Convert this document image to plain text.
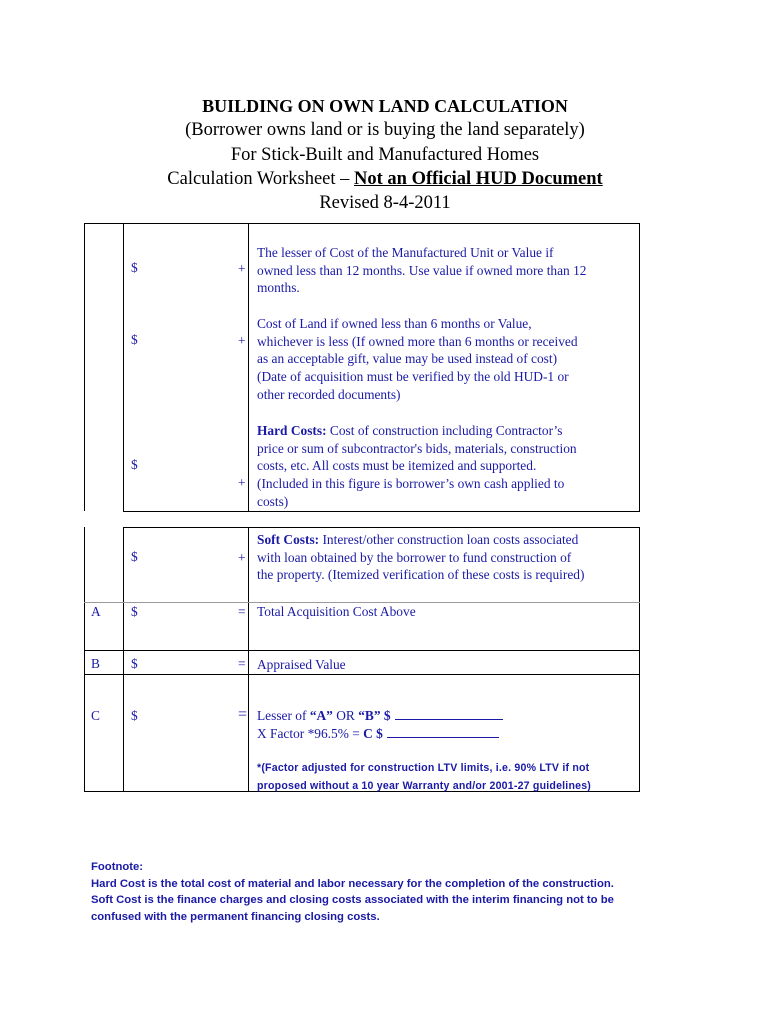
BUILDING ON OWN LAND CALCULATION
(Borrower owns land or is buying the land separately)
For Stick-Built and Manufactured Homes
Calculation Worksheet – Not an Official HUD Document
Revised 8-4-2011
$	+
The lesser of Cost of the Manufactured Unit or Value if
owned less than 12 months. Use value if owned more than 12
months.
$	+
Cost of Land if owned less than 6 months or Value,
whichever is less (If owned more than 6 months or received
as an acceptable gift, value may be used instead of cost)
(Date of acquisition must be verified by the old HUD-1 or
other recorded documents)
$
+
Hard Costs: Cost of construction including Contractor’s
price or sum of subcontractor's bids, materials, construction
costs, etc. All costs must be itemized and supported.
(Included in this figure is borrower’s own cash applied to
costs)
$	+
Soft Costs: Interest/other construction loan costs associated
with loan obtained by the borrower to fund construction of
the property. (Itemized verification of these costs is required)
A $	= Total Acquisition Cost Above
B $	= Appraised Value
C $	= Lesser of “A” OR “B” $
X Factor *96.5% = C $
*(Factor adjusted for construction LTV limits, i.e. 90% LTV if not
proposed without a 10 year Warranty and/or 2001-27 guidelines)
Footnote:
Hard Cost is the total cost of material and labor necessary for the completion of the construction.
Soft Cost is the finance charges and closing costs associated with the interim financing not to be
confused with the permanent financing closing costs.
